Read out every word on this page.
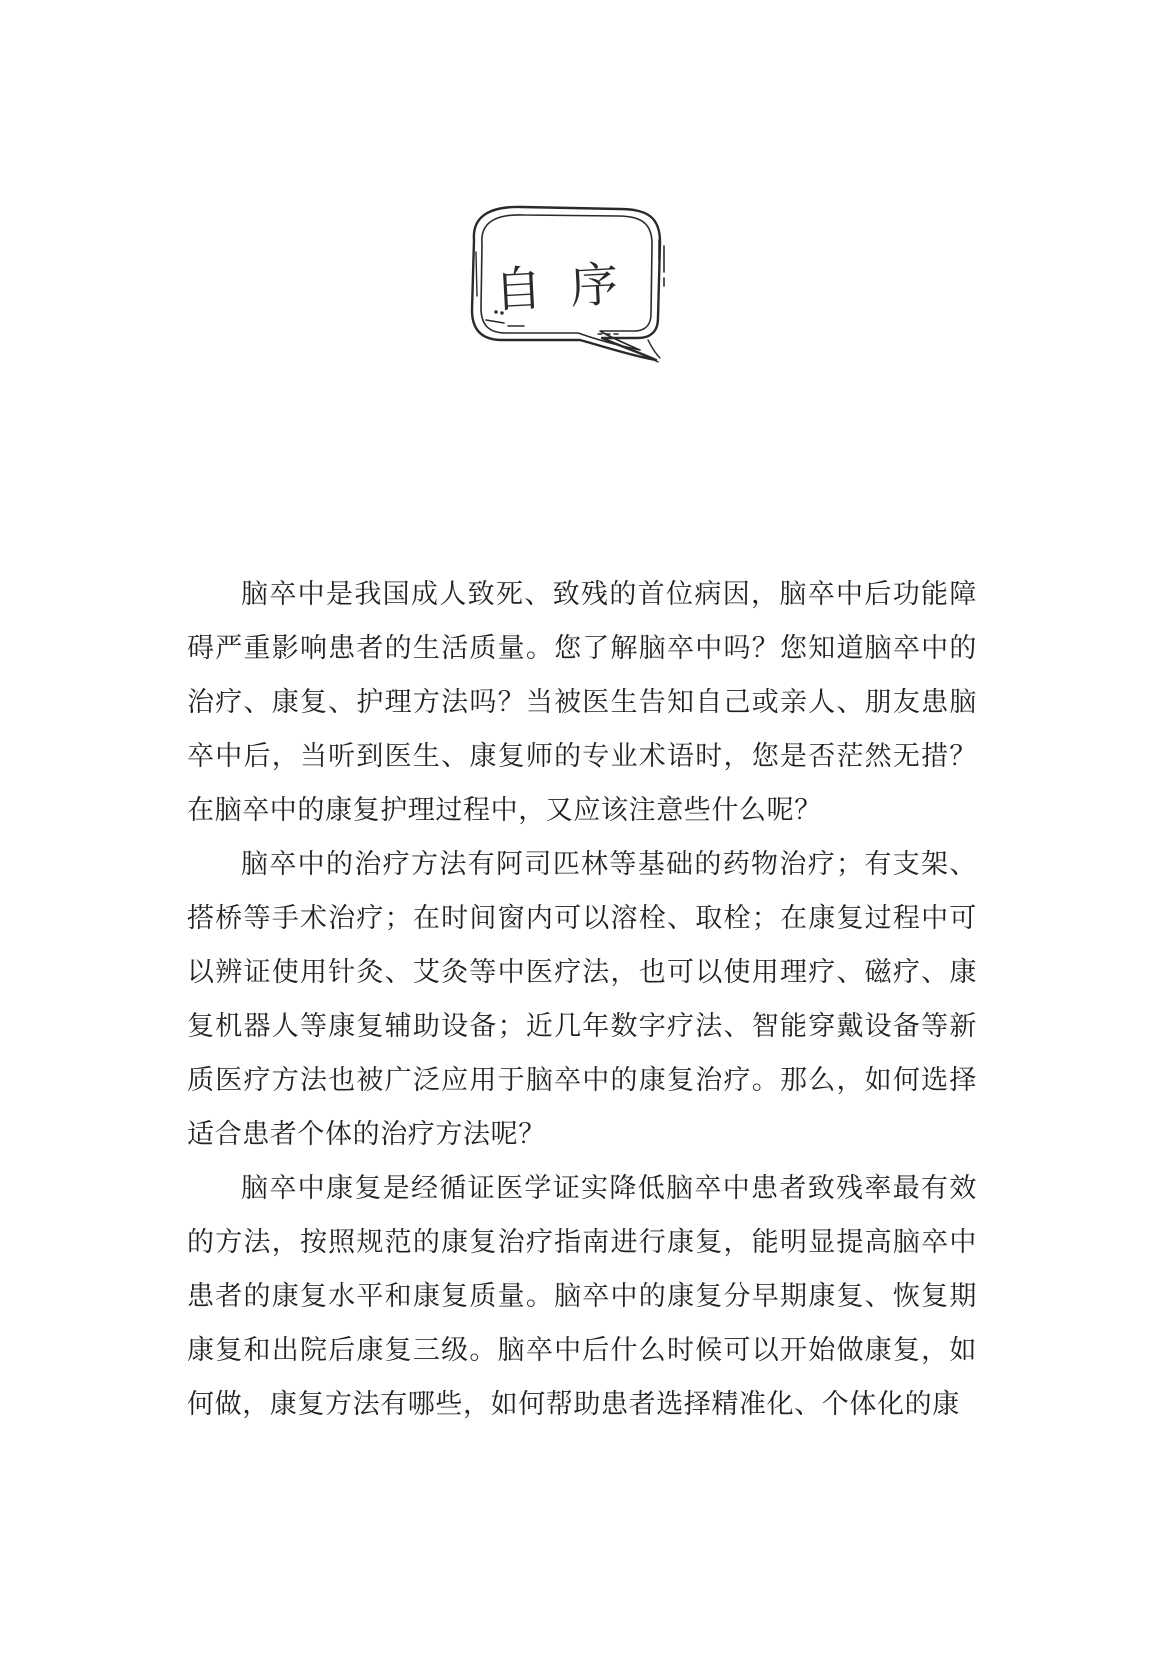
自序

脑卒中是我国成人致死、致残的首位病因，脑卒中后功能障碍严重影响患者的生活质量。您了解脑卒中吗？您知道脑卒中的治疗、康复、护理方法吗？当被医生告知自己或亲人、朋友患脑卒中后，当听到医生、康复师的专业术语时，您是否茫然无措？在脑卒中的康复护理过程中，又应该注意些什么呢？

脑卒中的治疗方法有阿司匹林等基础的药物治疗；有支架、搭桥等手术治疗；在时间窗内可以溶栓、取栓；在康复过程中可以辨证使用针灸、艾灸等中医疗法，也可以使用理疗、磁疗、康复机器人等康复辅助设备；近几年数字疗法、智能穿戴设备等新质医疗方法也被广泛应用于脑卒中的康复治疗。那么，如何选择适合患者个体的治疗方法呢？

脑卒中康复是经循证医学证实降低脑卒中患者致残率最有效的方法，按照规范的康复治疗指南进行康复，能明显提高脑卒中患者的康复水平和康复质量。脑卒中的康复分早期康复、恢复期康复和出院后康复三级。脑卒中后什么时候可以开始做康复，如何做，康复方法有哪些，如何帮助患者选择精准化、个体化的康
